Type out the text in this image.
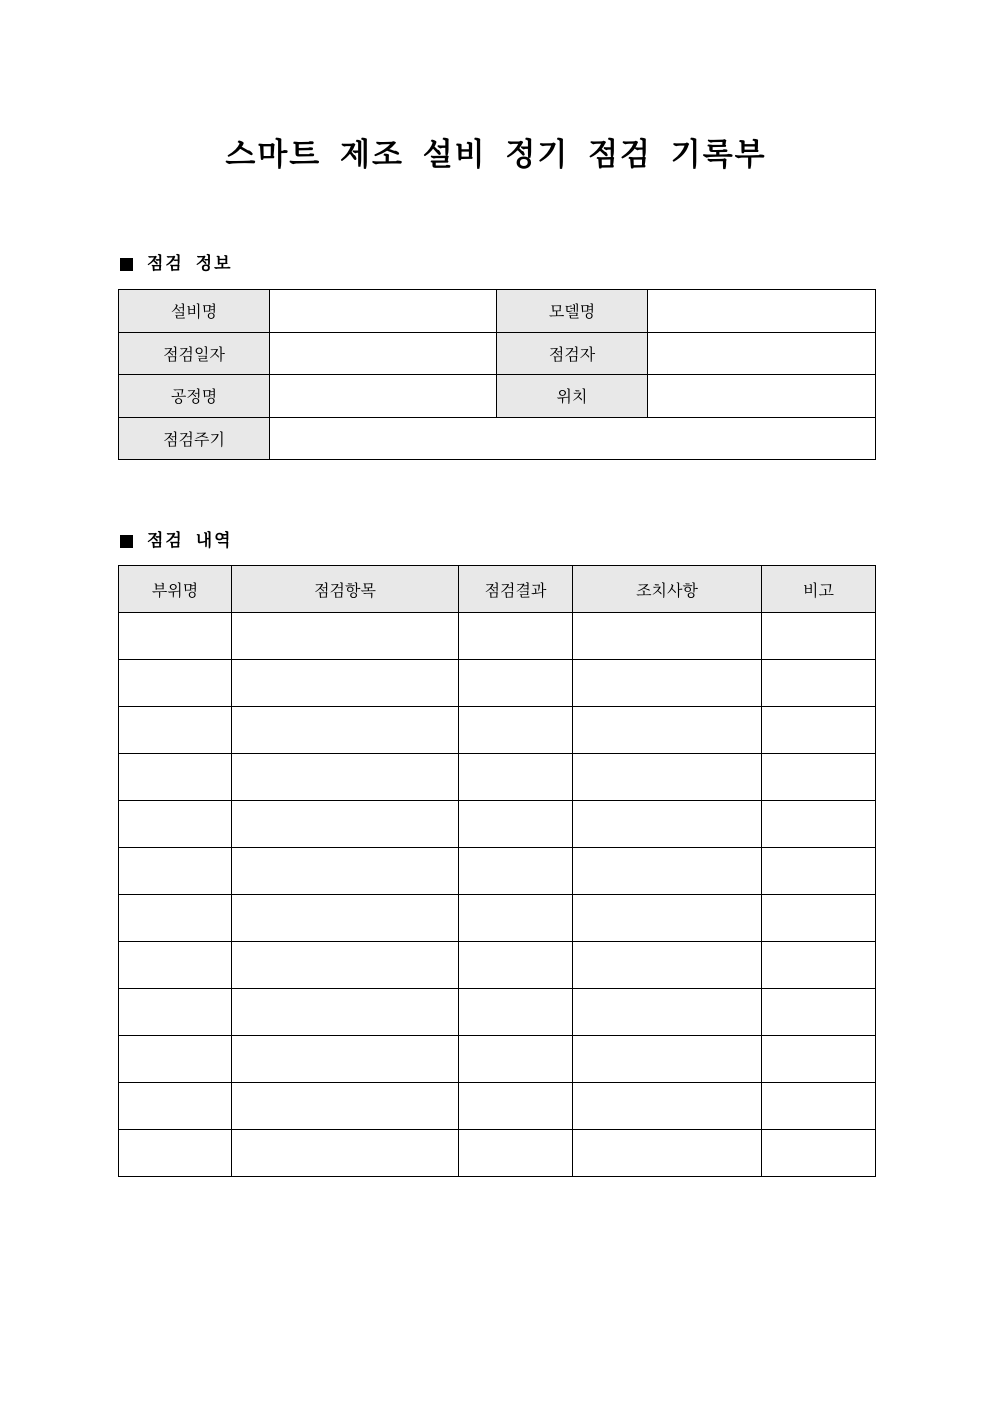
스마트 제조 설비 정기 점검 기록부
점검 정보
설비명		모델명	
점검일자		점검자	
공정명		위치	
점검주기			
점검 내역
부위명	점검항목	점검결과	조치사항	비고
